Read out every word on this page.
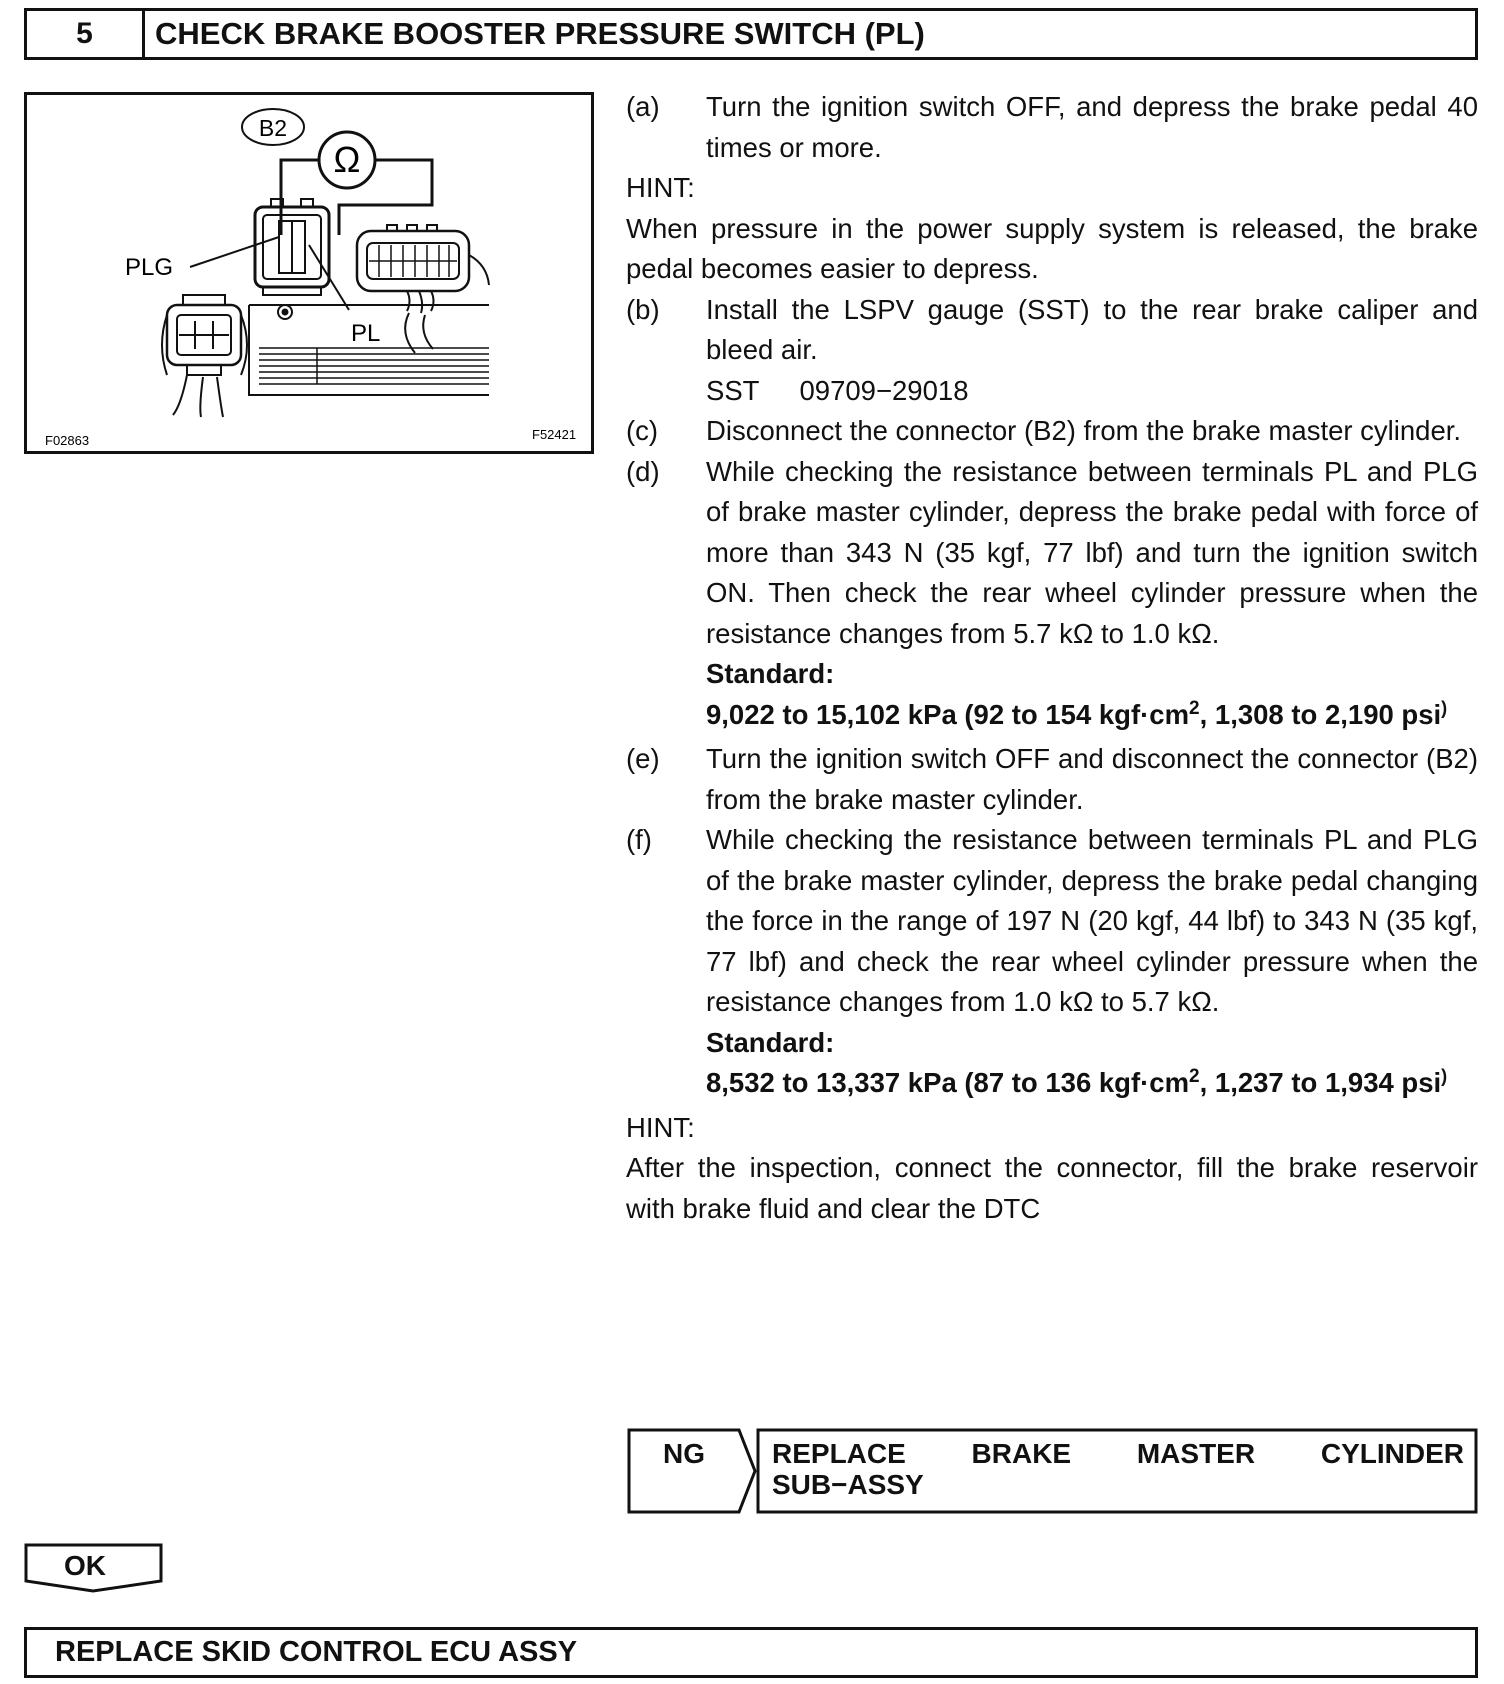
5	CHECK BRAKE BOOSTER PRESSURE SWITCH (PL)
B2
Ω
PLG
PL
F02863	F52421
(a)	Turn the ignition switch OFF, and depress the brake pedal 40 times or more.
HINT:
When pressure in the power supply system is released, the brake pedal becomes easier to depress.
(b)	Install the LSPV gauge (SST) to the rear brake caliper and bleed air.
SST 09709−29018
(c)	Disconnect the connector (B2) from the brake master cylinder.
(d)	While checking the resistance between terminals PL and PLG of brake master cylinder, depress the brake pedal with force of more than 343 N (35 kgf, 77 lbf) and turn the ignition switch ON. Then check the rear wheel cylinder pressure when the resistance changes from 5.7 kΩ to 1.0 kΩ.
Standard:
9,022 to 15,102 kPa (92 to 154 $kgf\cdot cm^2$, 1,308 to 2,190 psi)
(e)	Turn the ignition switch OFF and disconnect the connector (B2) from the brake master cylinder.
(f)	While checking the resistance between terminals PL and PLG of the brake master cylinder, depress the brake pedal changing the force in the range of 197 N (20 kgf, 44 lbf) to 343 N (35 kgf, 77 lbf) and check the rear wheel cylinder pressure when the resistance changes from 1.0 kΩ to 5.7 kΩ.
Standard:
8,532 to 13,337 kPa (87 to 136 $kgf\cdot cm^2$, 1,237 to 1,934 psi)
HINT:
After the inspection, connect the connector, fill the brake reservoir with brake fluid and clear the DTC
NG REPLACE BRAKE MASTER CYLINDER
SUB−ASSY
OK
REPLACE SKID CONTROL ECU ASSY
